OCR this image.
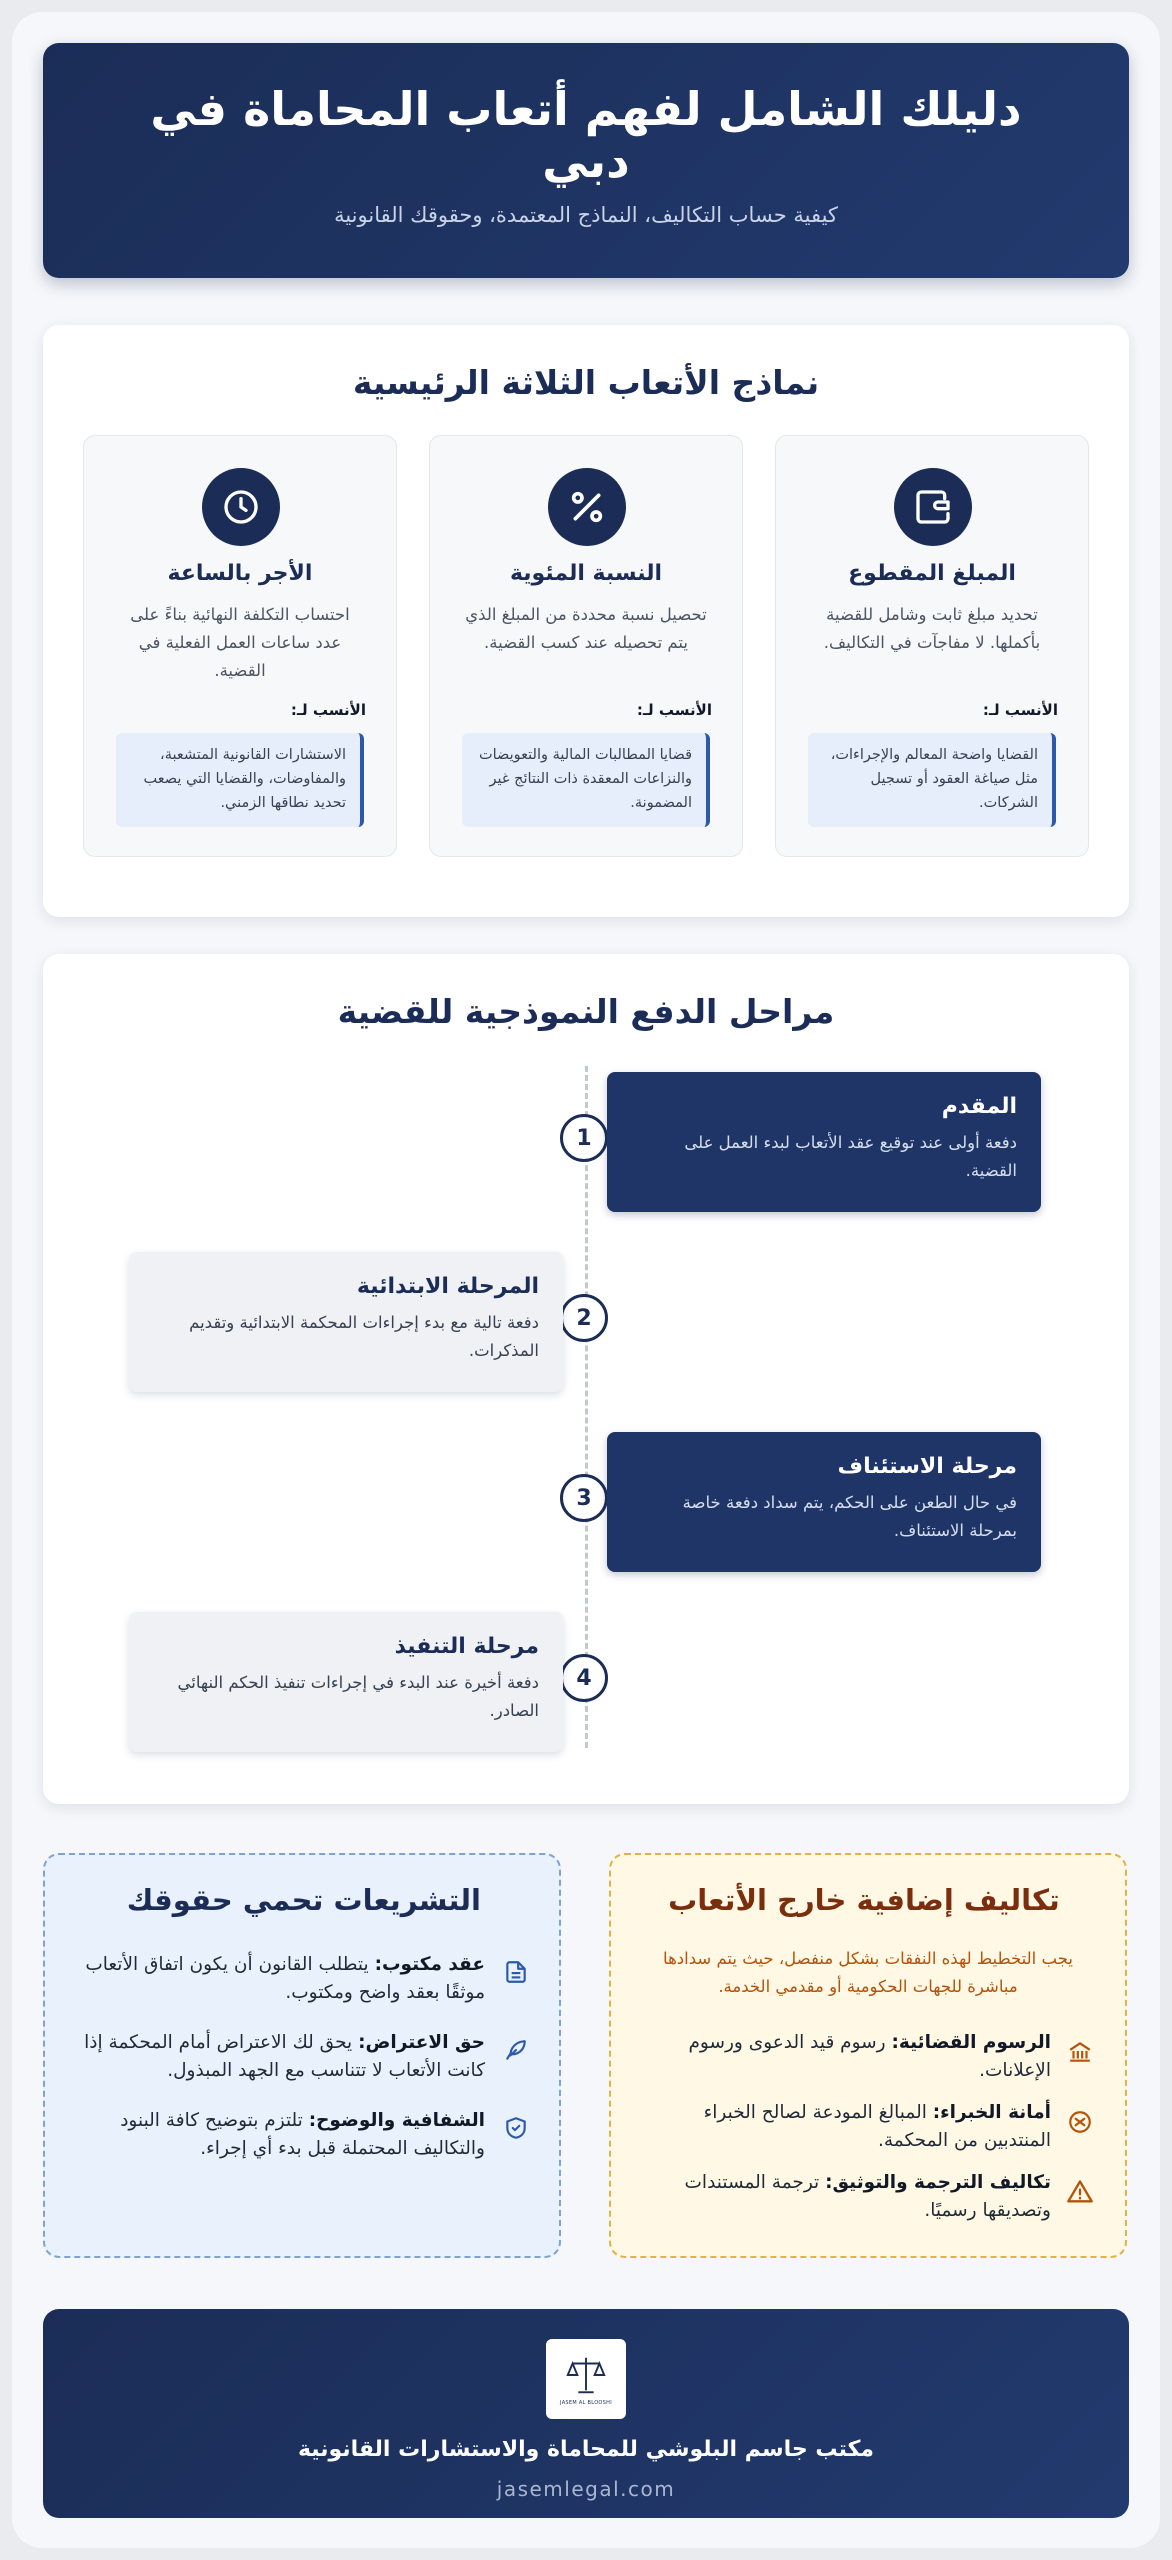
دليلك الشامل لفهم أتعاب المحاماة في دبي

كيفية حساب التكاليف، النماذج المعتمدة، وحقوقك القانونية

نماذج الأتعاب الثلاثة الرئيسية
المبلغ المقطوع
تحديد مبلغ ثابت وشامل للقضية بأكملها. لا مفاجآت في التكاليف.
الأنسب لـ:
القضايا واضحة المعالم والإجراءات، مثل صياغة العقود أو تسجيل الشركات.
النسبة المئوية
تحصيل نسبة محددة من المبلغ الذي يتم تحصيله عند كسب القضية.
الأنسب لـ:
قضايا المطالبات المالية والتعويضات والنزاعات المعقدة ذات النتائج غير المضمونة.
الأجر بالساعة
احتساب التكلفة النهائية بناءً على عدد ساعات العمل الفعلية في القضية.
الأنسب لـ:
الاستشارات القانونية المتشعبة، والمفاوضات، والقضايا التي يصعب تحديد نطاقها الزمني.
مراحل الدفع النموذجية للقضية
1
المقدم

دفعة أولى عند توقيع عقد الأتعاب لبدء العمل على القضية.

2
المرحلة الابتدائية

دفعة تالية مع بدء إجراءات المحكمة الابتدائية وتقديم المذكرات.

3
مرحلة الاستئناف

في حال الطعن على الحكم، يتم سداد دفعة خاصة بمرحلة الاستئناف.

4
مرحلة التنفيذ

دفعة أخيرة عند البدء في إجراءات تنفيذ الحكم النهائي الصادر.

تكاليف إضافية خارج الأتعاب
يجب التخطيط لهذه النفقات بشكل منفصل، حيث يتم سدادها مباشرة للجهات الحكومية أو مقدمي الخدمة.
الرسوم القضائية: رسوم قيد الدعوى ورسوم الإعلانات.
أمانة الخبراء: المبالغ المودعة لصالح الخبراء المنتدبين من المحكمة.
تكاليف الترجمة والتوثيق: ترجمة المستندات وتصديقها رسميًا.
التشريعات تحمي حقوقك
عقد مكتوب: يتطلب القانون أن يكون اتفاق الأتعاب موثقًا بعقد واضح ومكتوب.
حق الاعتراض: يحق لك الاعتراض أمام المحكمة إذا كانت الأتعاب لا تتناسب مع الجهد المبذول.
الشفافية والوضوح: تلتزم بتوضيح كافة البنود والتكاليف المحتملة قبل بدء أي إجراء.
JASEM AL BLOOSHI
مكتب جاسم البلوشي للمحاماة والاستشارات القانونية
jasemlegal.com
